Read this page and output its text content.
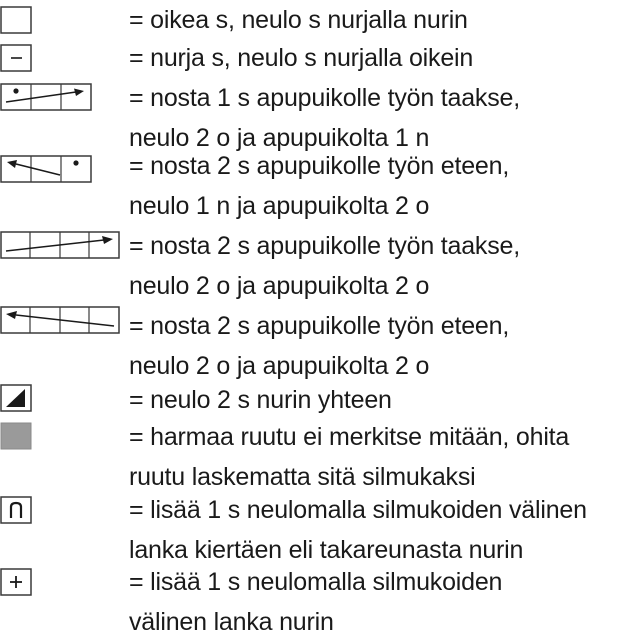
= oikea s, neulo s nurjalla nurin

= nurja s, neulo s nurjalla oikein

= nosta 1 s apupuikolle työn taakse,
neulo 2 o ja apupuikolta 1 n

= nosta 2 s apupuikolle työn eteen,
neulo 1 n ja apupuikolta 2 o

= nosta 2 s apupuikolle työn taakse,
neulo 2 o ja apupuikolta 2 o

= nosta 2 s apupuikolle työn eteen,
neulo 2 o ja apupuikolta 2 o

= neulo 2 s nurin yhteen

= harmaa ruutu ei merkitse mitään, ohita
ruutu laskematta sitä silmukaksi

= lisää 1 s neulomalla silmukoiden välinen
lanka kiertäen eli takareunasta nurin

= lisää 1 s neulomalla silmukoiden
välinen lanka nurin
